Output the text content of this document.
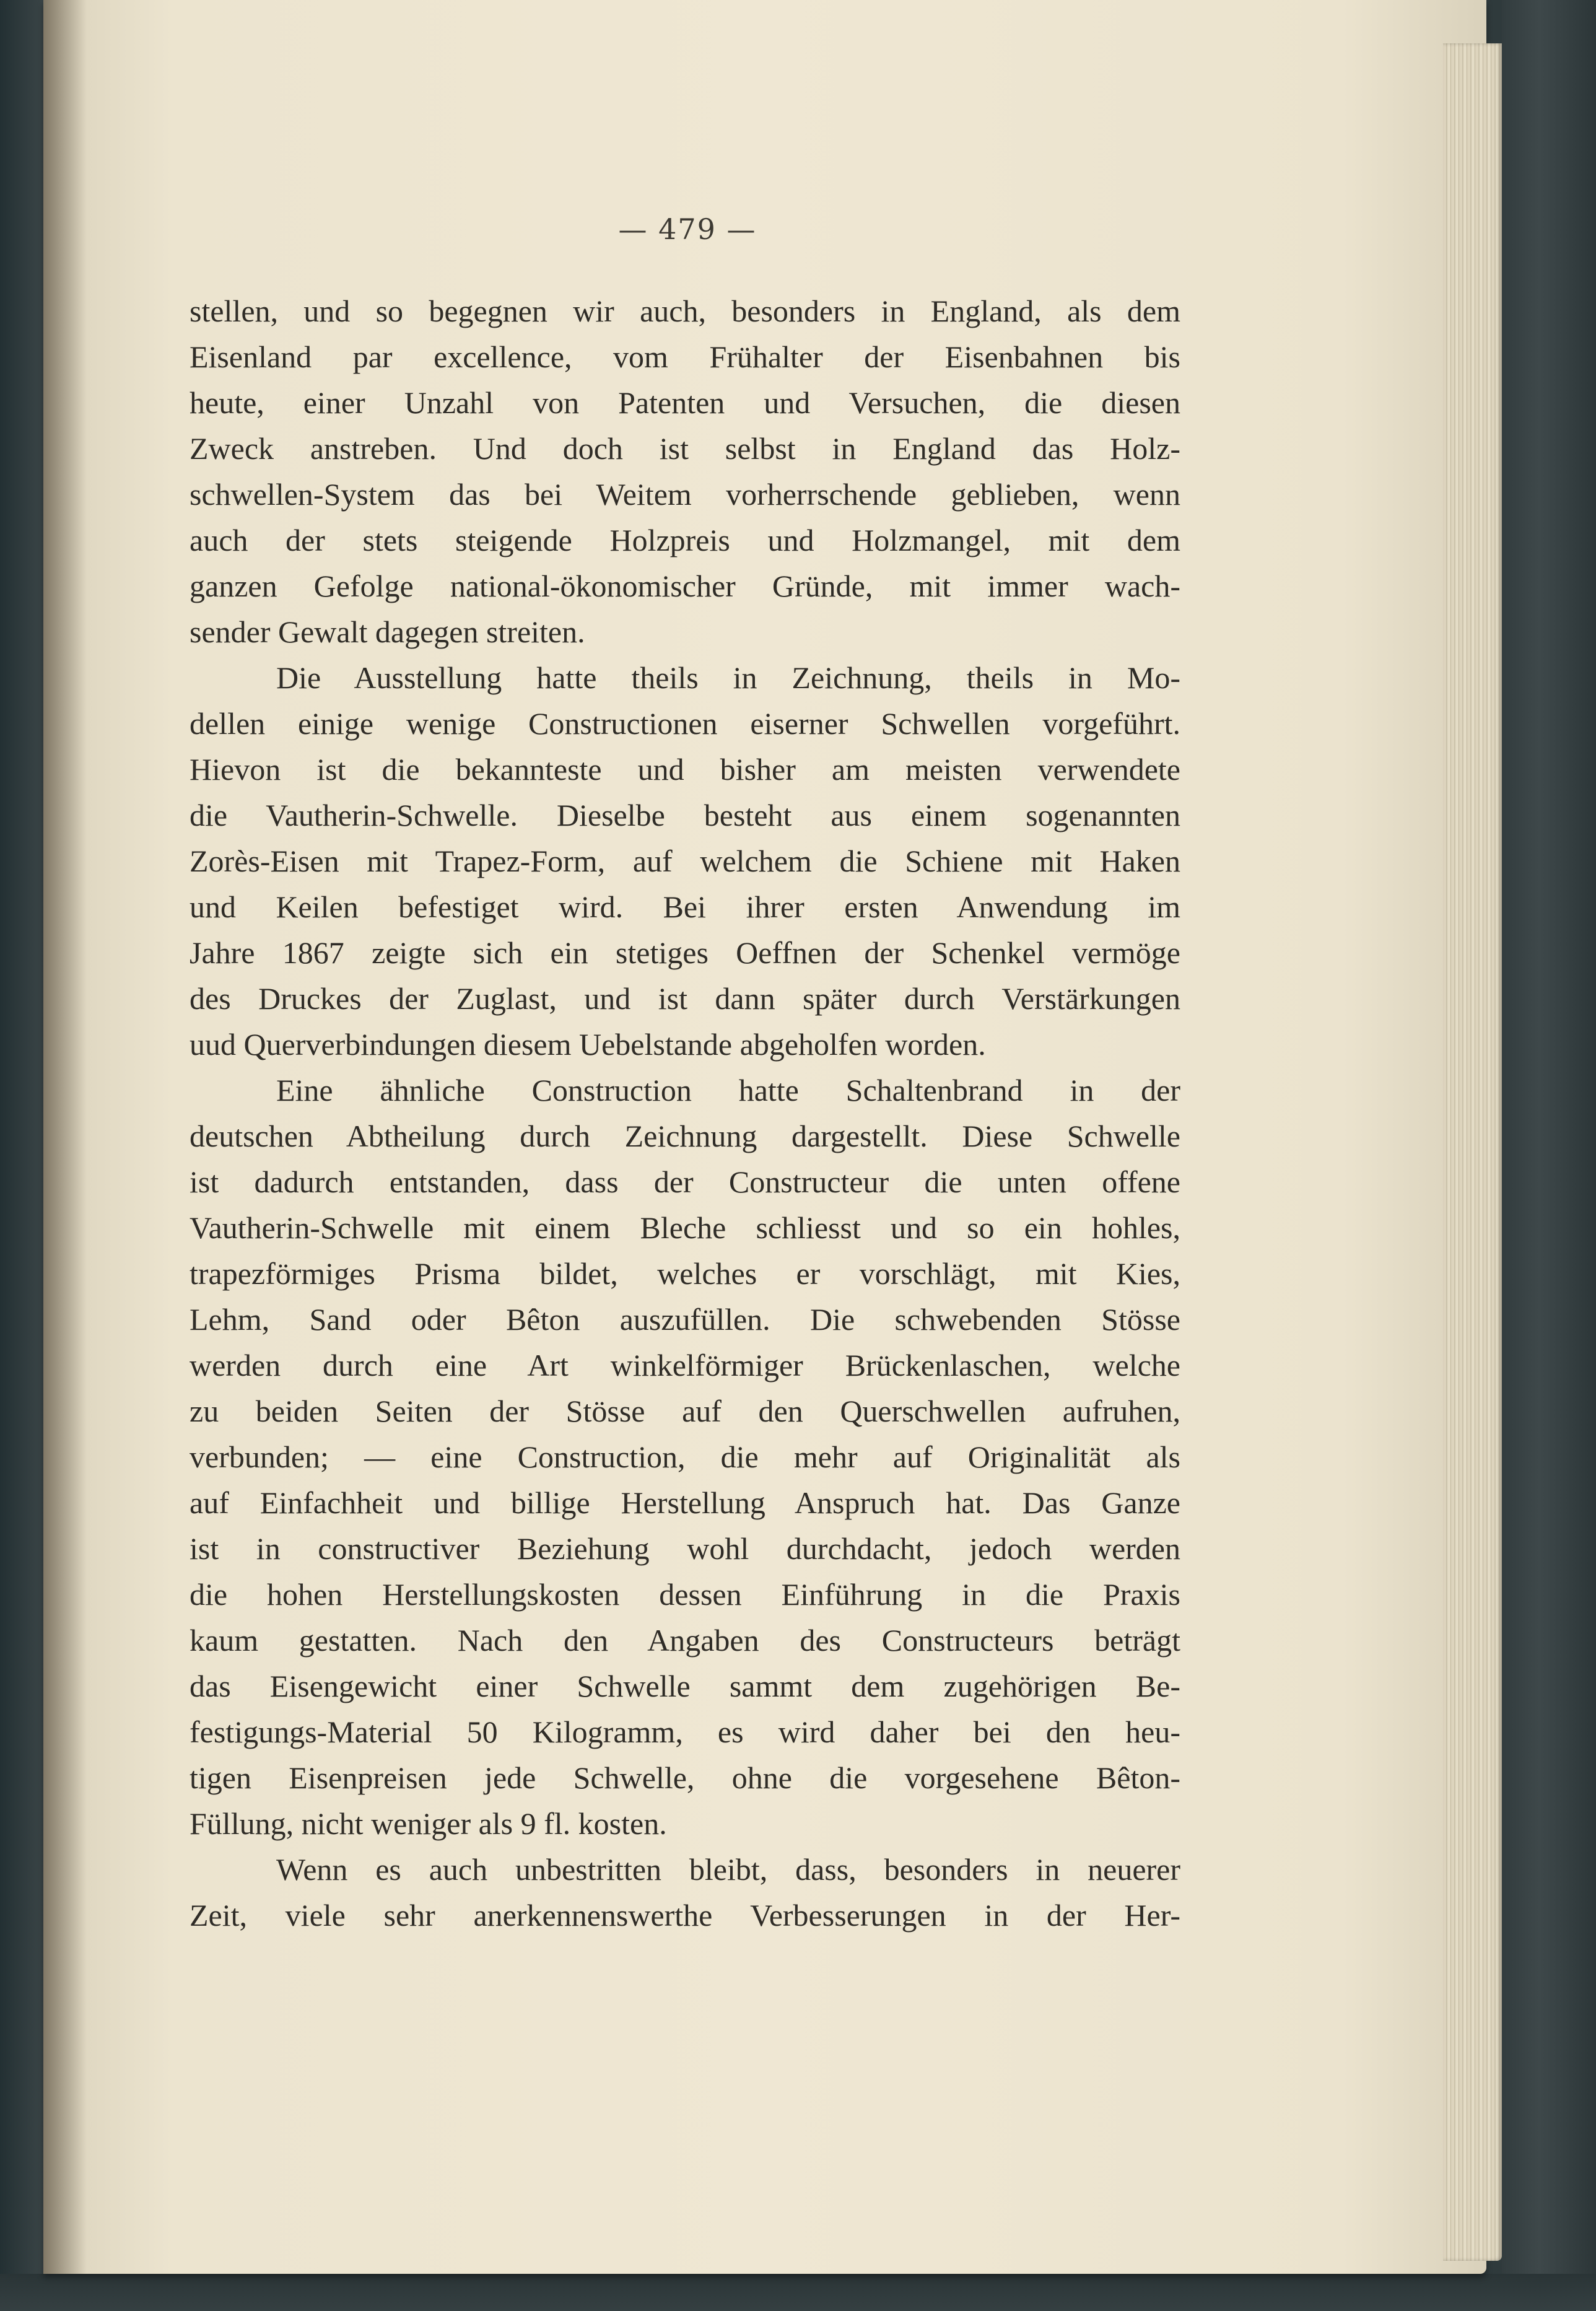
— 479 —
stellen, und so begegnen wir auch, besonders in England, als dem
Eisenland par excellence, vom Frühalter der Eisenbahnen bis
heute, einer Unzahl von Patenten und Versuchen, die diesen
Zweck anstreben. Und doch ist selbst in England das Holz-
schwellen-System das bei Weitem vorherrschende geblieben, wenn
auch der stets steigende Holzpreis und Holzmangel, mit dem
ganzen Gefolge national-ökonomischer Gründe, mit immer wach-
sender Gewalt dagegen streiten.
Die Ausstellung hatte theils in Zeichnung, theils in Mo-
dellen einige wenige Constructionen eiserner Schwellen vorgeführt.
Hievon ist die bekannteste und bisher am meisten verwendete
die Vautherin-Schwelle. Dieselbe besteht aus einem sogenannten
Zorès-Eisen mit Trapez-Form, auf welchem die Schiene mit Haken
und Keilen befestiget wird. Bei ihrer ersten Anwendung im
Jahre 1867 zeigte sich ein stetiges Oeffnen der Schenkel vermöge
des Druckes der Zuglast, und ist dann später durch Verstärkungen
uud Querverbindungen diesem Uebelstande abgeholfen worden.
Eine ähnliche Construction hatte Schaltenbrand in der
deutschen Abtheilung durch Zeichnung dargestellt. Diese Schwelle
ist dadurch entstanden, dass der Constructeur die unten offene
Vautherin-Schwelle mit einem Bleche schliesst und so ein hohles,
trapezförmiges Prisma bildet, welches er vorschlägt, mit Kies,
Lehm, Sand oder Bêton auszufüllen. Die schwebenden Stösse
werden durch eine Art winkelförmiger Brückenlaschen, welche
zu beiden Seiten der Stösse auf den Querschwellen aufruhen,
verbunden; — eine Construction, die mehr auf Originalität als
auf Einfachheit und billige Herstellung Anspruch hat. Das Ganze
ist in constructiver Beziehung wohl durchdacht, jedoch werden
die hohen Herstellungskosten dessen Einführung in die Praxis
kaum gestatten. Nach den Angaben des Constructeurs beträgt
das Eisengewicht einer Schwelle sammt dem zugehörigen Be-
festigungs-Material 50 Kilogramm, es wird daher bei den heu-
tigen Eisenpreisen jede Schwelle, ohne die vorgesehene Bêton-
Füllung, nicht weniger als 9 fl. kosten.
Wenn es auch unbestritten bleibt, dass, besonders in neuerer
Zeit, viele sehr anerkennenswerthe Verbesserungen in der Her-
